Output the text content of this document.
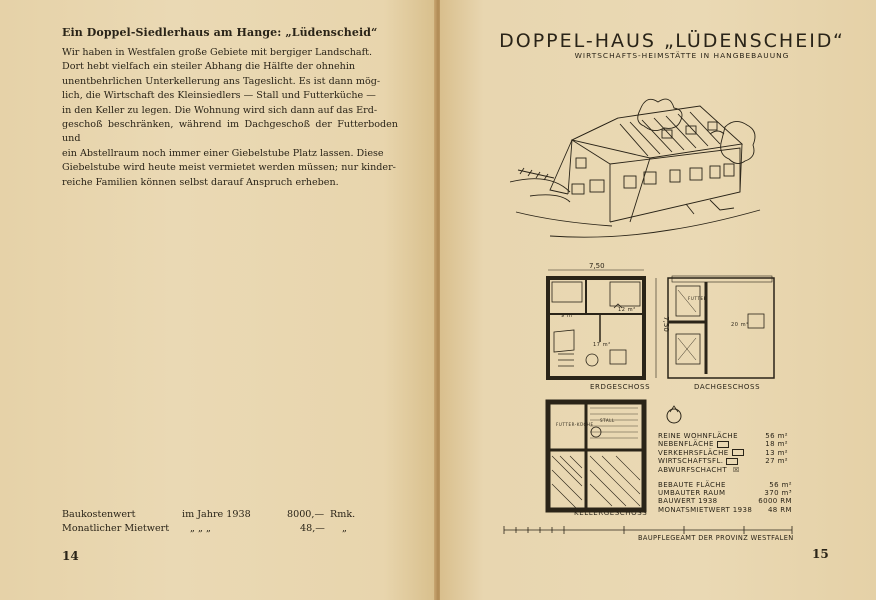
Ein Doppel-Siedlerhaus am Hange: „Lüdenscheid“
Wir haben in Westfalen große Gebiete mit bergiger Landschaft.
Dort hebt vielfach ein steiler Abhang die Hälfte der ohnehin
unentbehrlichen Unterkellerung ans Tageslicht. Es ist dann mög-
lich, die Wirtschaft des Kleinsiedlers — Stall und Futterküche —
in den Keller zu legen. Die Wohnung wird sich dann auf das Erd-
geschoß beschränken, während im Dachgeschoß der Futterboden und
ein Abstellraum noch immer einer Giebelstube Platz lassen. Diese
Giebelstube wird heute meist vermietet werden müssen; nur kinder-
reiche Familien können selbst darauf Anspruch erheben.
Baukostenwert	im Jahre 1938	8000,— Rmk.
Monatlicher Mietwert „ „ „	48,— „
14
DOPPEL-HAUS „LÜDENSCHEID“
WIRTSCHAFTS-HEIMSTÄTTE IN HANGBEBAUUNG
7,50
7,50
9 m²
12 m²
17 m²
20 m²
FUTTER
FUTTER-KÜCHE
STALL
ERDGESCHOSS	DACHGESCHOSS
KELLERGESCHOSS
REINE WOHNFLÄCHE	56 m²
NEBENFLÄCHE	18 m²
VERKEHRSFLÄCHE	13 m²
WIRTSCHAFTSFL.	27 m²
ABWURFSCHACHT ☒
BEBAUTE FLÄCHE	56 m²
UMBAUTER RAUM	370 m³
BAUWERT 1938	6000 RM
MONATSMIETWERT 1938 48 RM
BAUPFLEGEAMT DER PROVINZ WESTFALEN
15
